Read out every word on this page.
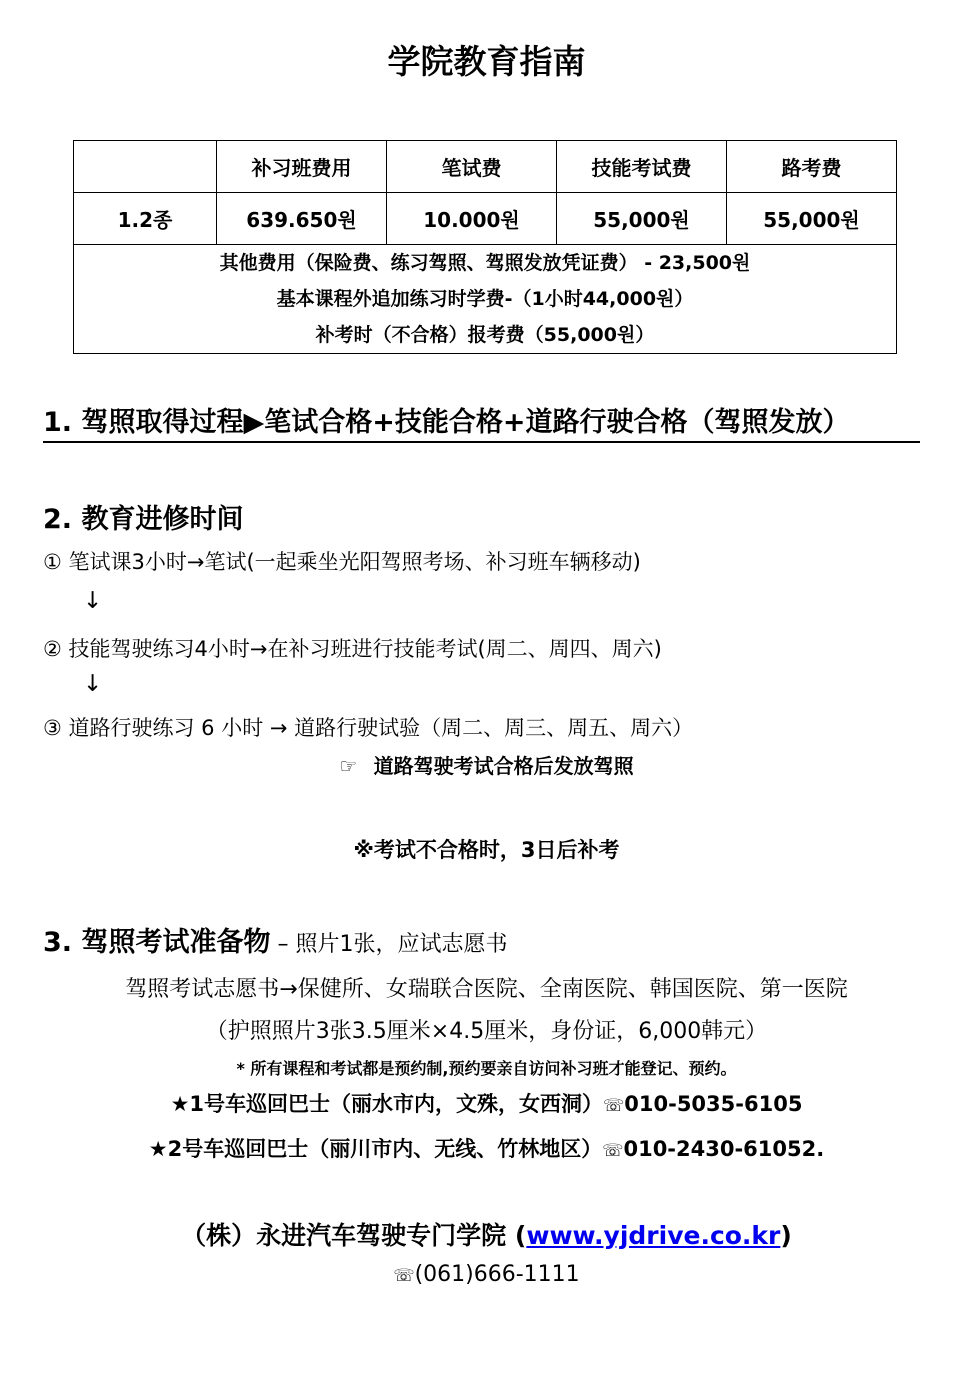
学院教育指南
	补习班费用	笔试费	技能考试费	路考费
1.2종	639.650원	10.000원	55,000원	55,000원

其他费用（保险费、练习驾照、驾照发放凭证费） - 23,500원
基本课程外追加练习时学费-（1小时44,000원）
补考时（不合格）报考费（55,000원）				
1. 驾照取得过程▶笔试合格+技能合格+道路行驶合格（驾照发放）
2. 教育进修时间
① 笔试课3小时→笔试(一起乘坐光阳驾照考场、补习班车辆移动)
↓
② 技能驾驶练习4小时→在补习班进行技能考试(周二、周四、周六)
↓
③ 道路行驶练习 6 小时 → 道路行驶试验（周二、周三、周五、周六）
☞ 道路驾驶考试合格后发放驾照
※考试不合格时，3日后补考
3. 驾照考试准备物 – 照片1张，应试志愿书
驾照考试志愿书→保健所、女瑞联合医院、全南医院、韩国医院、第一医院
（护照照片3张3.5厘米×4.5厘米，身份证，6,000韩元）
* 所有课程和考试都是预约制,预约要亲自访问补习班才能登记、预约。
★1号车巡回巴士（丽水市内，文殊，女西洞）☏010-5035-6105
★2号车巡回巴士（丽川市内、无线、竹林地区）☏010-2430-61052.
（株）永进汽车驾驶专门学院 (www.yjdrive.co.kr)
☏(061)666-1111
